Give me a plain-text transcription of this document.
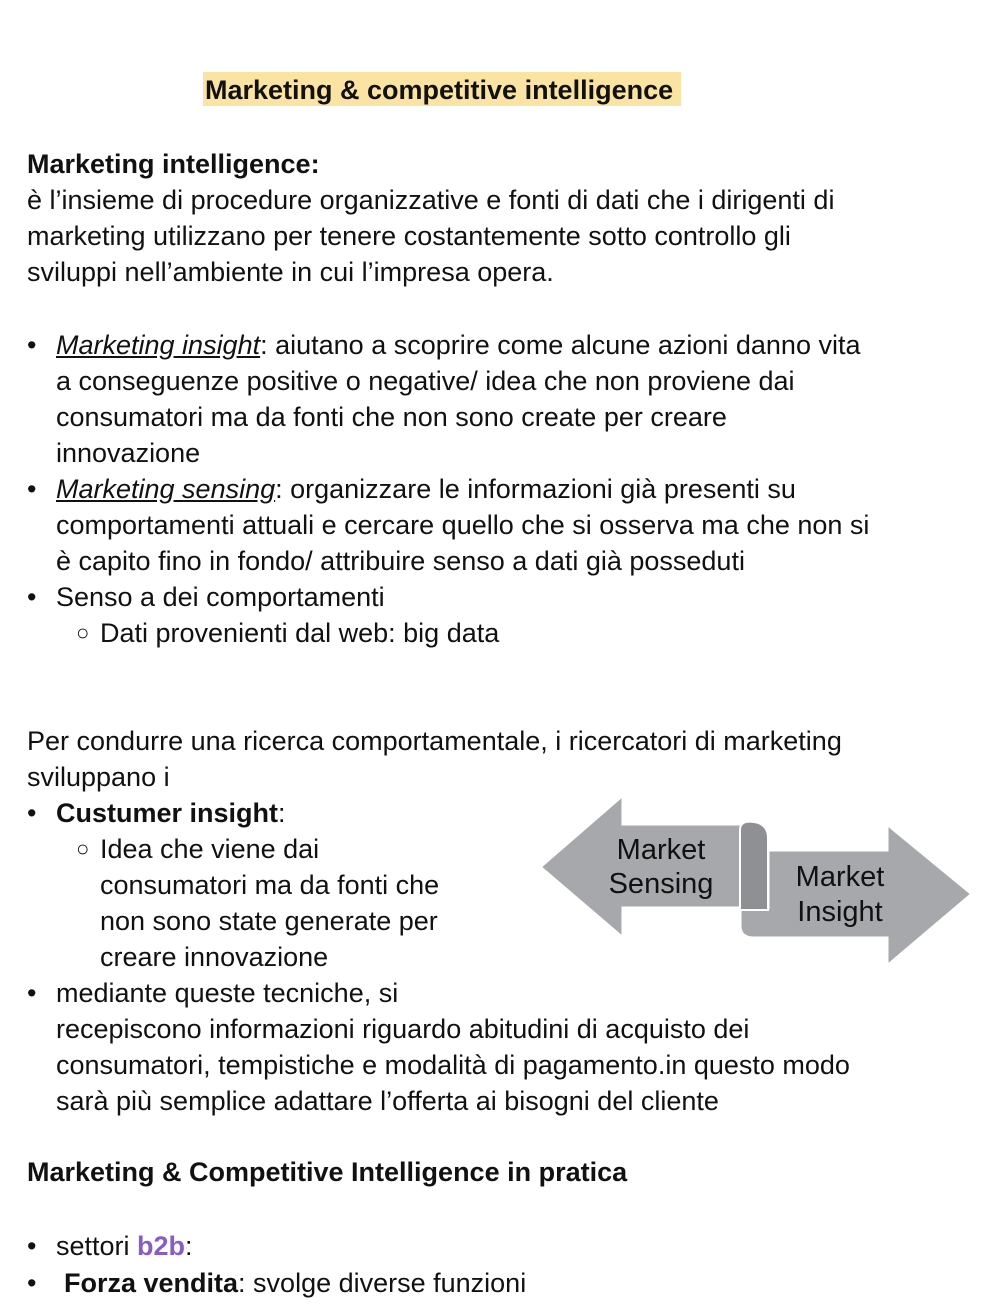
Marketing & competitive intelligence
Marketing intelligence:
è l’insieme di procedure organizzative e fonti di dati che i dirigenti di
marketing utilizzano per tenere costantemente sotto controllo gli
sviluppi nell’ambiente in cui l’impresa opera.
• Marketing insight: aiutano a scoprire come alcune azioni danno vita
a conseguenze positive o negative/ idea che non proviene dai
consumatori ma da fonti che non sono create per creare
innovazione
• Marketing sensing: organizzare le informazioni già presenti su
comportamenti attuali e cercare quello che si osserva ma che non si
è capito fino in fondo/ attribuire senso a dati già posseduti
• Senso a dei comportamenti
○ Dati provenienti dal web: big data
Per condurre una ricerca comportamentale, i ricercatori di marketing
sviluppano i
• Custumer insight:
○ Idea che viene dai
consumatori ma da fonti che
non sono state generate per
creare innovazione
• mediante queste tecniche, si
recepiscono informazioni riguardo abitudini di acquisto dei
consumatori, tempistiche e modalità di pagamento.in questo modo
sarà più semplice adattare l’offerta ai bisogni del cliente
Market
Sensing	Market
Insight
Marketing & Competitive Intelligence in pratica
• settori b2b:
•	Forza vendita: svolge diverse funzioni
